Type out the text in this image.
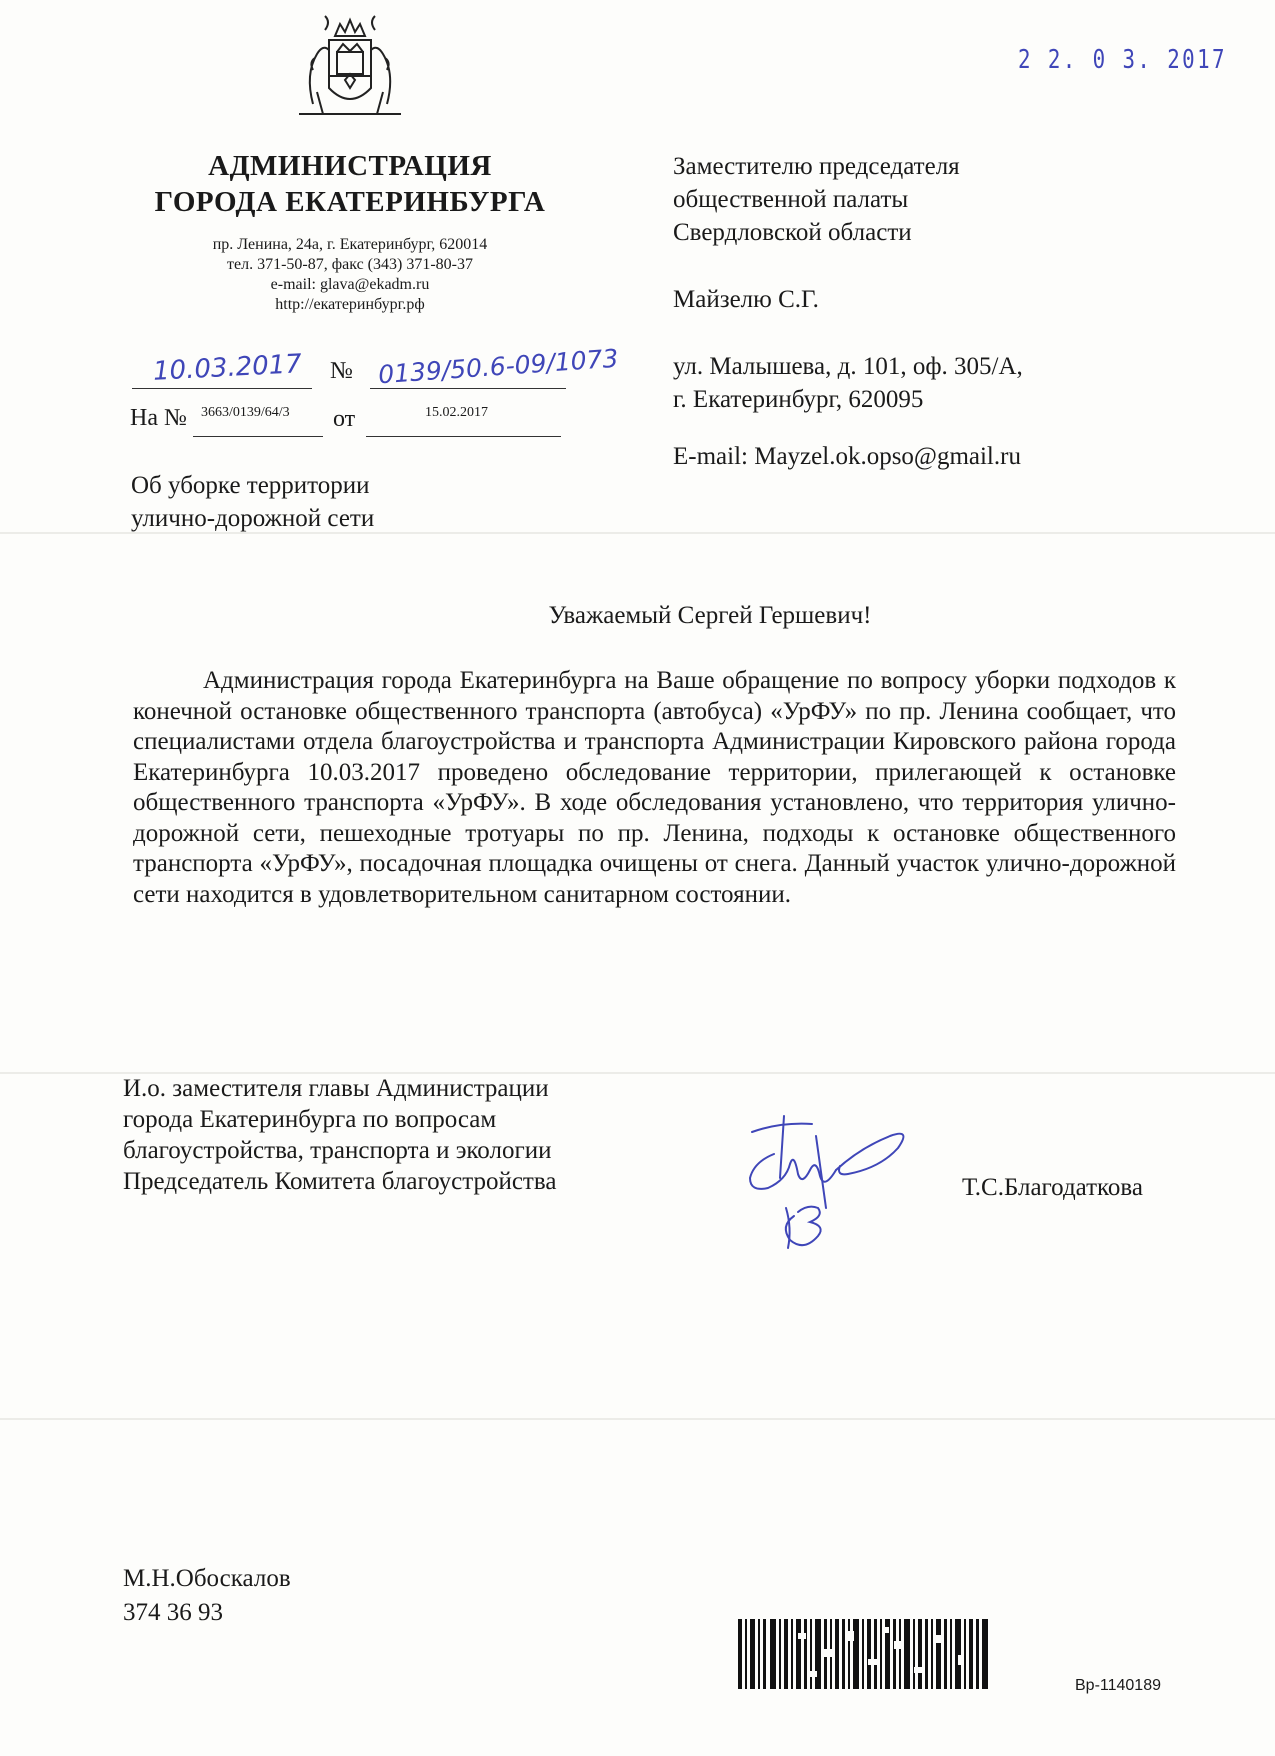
АДМИНИСТРАЦИЯ
ГОРОДА ЕКАТЕРИНБУРГА
пр. Ленина, 24а, г. Екатеринбург, 620014
тел. 371-50-87, факс (343) 371-80-37
e-mail: glava@ekadm.ru
http://екатеринбург.рф
2 2. 0 3. 2017
10.03.2017 № 0139/50.6-09/1073
На № 3663/0139/64/3 от	15.02.2017
Заместителю председателя
общественной палаты
Свердловской области
Майзелю С.Г.
ул. Малышева, д. 101, оф. 305/А,
г. Екатеринбург, 620095
E-mail: Mayzel.ok.opso@gmail.ru
Об уборке территории
улично-дорожной сети
Уважаемый Сергей Гершевич!
Администрация города Екатеринбурга на Ваше обращение по вопросу уборки подходов к конечной остановке общественного транспорта (автобуса) «УрФУ» по пр. Ленина сообщает, что специалистами отдела благоустройства и транспорта Администрации Кировского района города Екатеринбурга 10.03.2017 проведено обследование территории, прилегающей к остановке общественного транспорта «УрФУ». В ходе обследования установлено, что территория улично-дорожной сети, пешеходные тротуары по пр. Ленина, подходы к остановке общественного транспорта «УрФУ», посадочная площадка очищены от снега. Данный участок улично-дорожной сети находится в удовлетворительном санитарном состоянии.
И.о. заместителя главы Администрации
города Екатеринбурга по вопросам
благоустройства, транспорта и экологии
Председатель Комитета благоустройства	Т.С.Благодаткова
М.Н.Обоскалов
374 36 93
Вр-1140189
